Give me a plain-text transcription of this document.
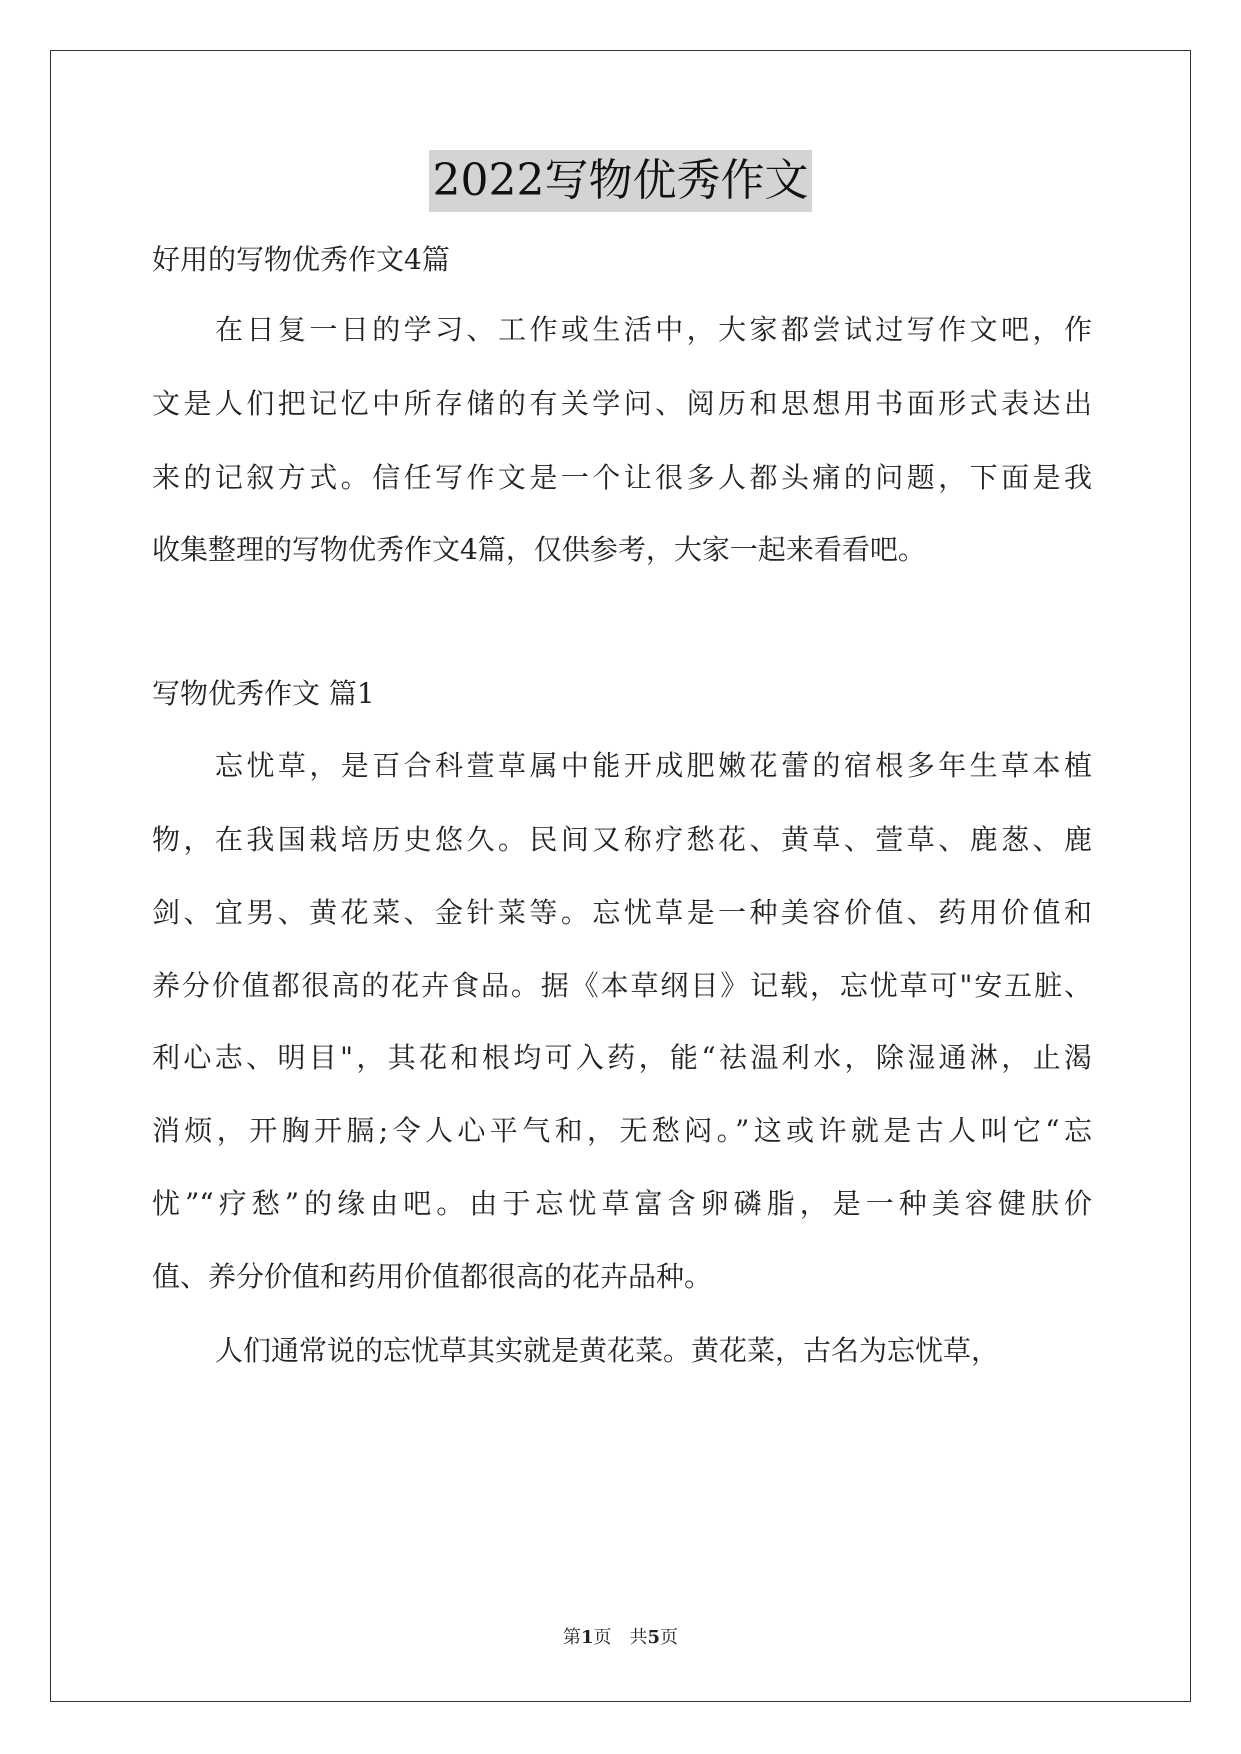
2022写物优秀作文
好用的写物优秀作文4篇
在日复一日的学习、工作或生活中，大家都尝试过写作文吧，作
文是人们把记忆中所存储的有关学问、阅历和思想用书面形式表达出
来的记叙方式。信任写作文是一个让很多人都头痛的问题，下面是我
收集整理的写物优秀作文4篇，仅供参考，大家一起来看看吧。
写物优秀作文 篇1
忘忧草，是百合科萱草属中能开成肥嫩花蕾的宿根多年生草本植
物，在我国栽培历史悠久。民间又称疗愁花、黄草、萱草、鹿葱、鹿
剑、宜男、黄花菜、金针菜等。忘忧草是一种美容价值、药用价值和
养分价值都很高的花卉食品。据《本草纲目》记载，忘忧草可"安五脏、
利心志、明目"，其花和根均可入药，能“祛温利水，除湿通淋，止渴
消烦，开胸开膈;令人心平气和，无愁闷。”这或许就是古人叫它“忘
忧”“疗愁”的缘由吧。由于忘忧草富含卵磷脂，是一种美容健肤价
值、养分价值和药用价值都很高的花卉品种。
人们通常说的忘忧草其实就是黄花菜。黄花菜，古名为忘忧草，
第1页　共5页
